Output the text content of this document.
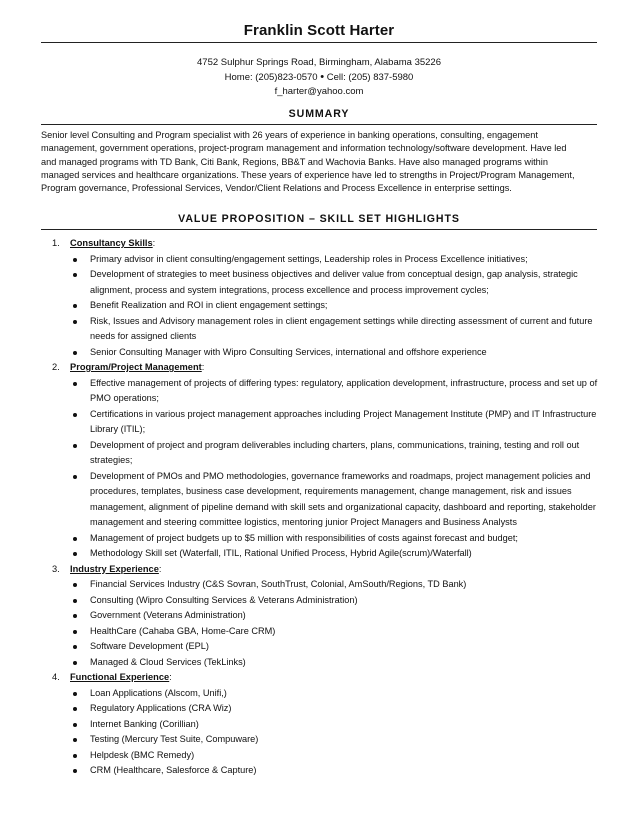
Franklin Scott Harter
4752 Sulphur Springs Road, Birmingham, Alabama 35226
Home: (205)823-0570 • Cell: (205) 837-5980
f_harter@yahoo.com
SUMMARY
Senior level Consulting and Program specialist with 26 years of experience in banking operations, consulting, engagement
management, government operations, project-program management and information technology/software development. Have led
and managed programs with TD Bank, Citi Bank, Regions, BB&T and Wachovia Banks. Have also managed programs within
managed services and healthcare organizations. These years of experience have led to strengths in Project/Program Management,
Program governance, Professional Services, Vendor/Client Relations and Process Excellence in enterprise settings.
VALUE PROPOSITION – SKILL SET HIGHLIGHTS
1. Consultancy Skills:
Primary advisor in client consulting/engagement settings, Leadership roles in Process Excellence initiatives;
Development of strategies to meet business objectives and deliver value from conceptual design, gap analysis, strategic alignment, process and system integrations, process excellence and process improvement cycles;
Benefit Realization and ROI in client engagement settings;
Risk, Issues and Advisory management roles in client engagement settings while directing assessment of current and future needs for assigned clients
Senior Consulting Manager with Wipro Consulting Services, international and offshore experience
2. Program/Project Management:
Effective management of projects of differing types: regulatory, application development, infrastructure, process and set up of PMO operations;
Certifications in various project management approaches including Project Management Institute (PMP) and IT Infrastructure Library (ITIL);
Development of project and program deliverables including charters, plans, communications, training, testing and roll out strategies;
Development of PMOs and PMO methodologies, governance frameworks and roadmaps, project management policies and procedures, templates, business case development, requirements management, change management, risk and issues management, alignment of pipeline demand with skill sets and organizational capacity, dashboard and reporting, stakeholder management and steering committee logistics, mentoring junior Project Managers and Business Analysts
Management of project budgets up to $5 million with responsibilities of costs against forecast and budget;
Methodology Skill set (Waterfall, ITIL, Rational Unified Process, Hybrid Agile(scrum)/Waterfall)
3. Industry Experience:
Financial Services Industry (C&S Sovran, SouthTrust, Colonial, AmSouth/Regions, TD Bank)
Consulting (Wipro Consulting Services & Veterans Administration)
Government (Veterans Administration)
HealthCare (Cahaba GBA, Home-Care CRM)
Software Development (EPL)
Managed & Cloud Services (TekLinks)
4. Functional Experience:
Loan Applications (Alscom, Unifi,)
Regulatory Applications (CRA Wiz)
Internet Banking (Corillian)
Testing (Mercury Test Suite, Compuware)
Helpdesk (BMC Remedy)
CRM (Healthcare, Salesforce & Capture)
